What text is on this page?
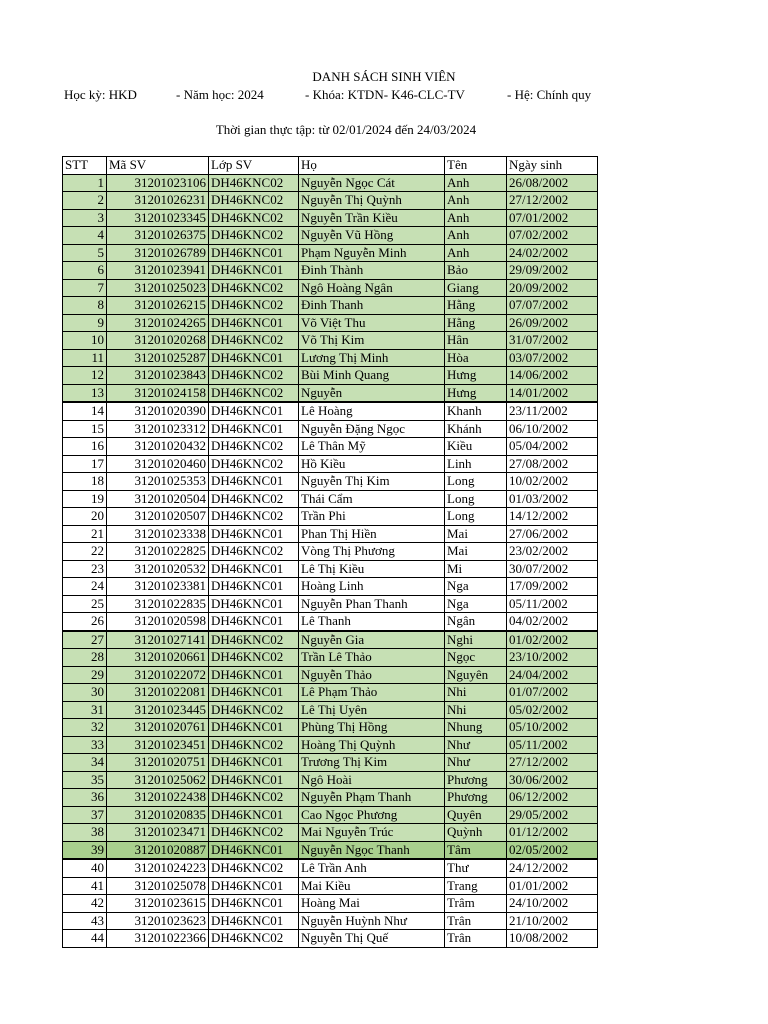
DANH SÁCH SINH VIÊN
Học kỳ: HKD	- Năm học: 2024	- Khóa: KTDN- K46-CLC-TV	- Hệ: Chính quy
Thời gian thực tập: từ 02/01/2024 đến 24/03/2024
STT	Mã SV	Lớp SV	Họ	Tên	Ngày sinh
1	31201023106	DH46KNC02	Nguyễn Ngọc Cát	Anh	26/08/2002
2	31201026231	DH46KNC02	Nguyễn Thị Quỳnh	Anh	27/12/2002
3	31201023345	DH46KNC02	Nguyễn Trần Kiều	Anh	07/01/2002
4	31201026375	DH46KNC02	Nguyễn Vũ Hồng	Anh	07/02/2002
5	31201026789	DH46KNC01	Phạm Nguyễn Minh	Anh	24/02/2002
6	31201023941	DH46KNC01	Đinh Thành	Bảo	29/09/2002
7	31201025023	DH46KNC02	Ngô Hoàng Ngân	Giang	20/09/2002
8	31201026215	DH46KNC02	Đinh Thanh	Hằng	07/07/2002
9	31201024265	DH46KNC01	Võ Việt Thu	Hằng	26/09/2002
10	31201020268	DH46KNC02	Võ Thị Kim	Hân	31/07/2002
11	31201025287	DH46KNC01	Lương Thị Minh	Hòa	03/07/2002
12	31201023843	DH46KNC02	Bùi Minh Quang	Hưng	14/06/2002
13	31201024158	DH46KNC02	Nguyễn	Hưng	14/01/2002
14	31201020390	DH46KNC01	Lê Hoàng	Khanh	23/11/2002
15	31201023312	DH46KNC01	Nguyễn Đặng Ngọc	Khánh	06/10/2002
16	31201020432	DH46KNC02	Lê Thân Mỹ	Kiều	05/04/2002
17	31201020460	DH46KNC02	Hồ Kiều	Linh	27/08/2002
18	31201025353	DH46KNC01	Nguyễn Thị Kim	Long	10/02/2002
19	31201020504	DH46KNC02	Thái Cẩm	Long	01/03/2002
20	31201020507	DH46KNC02	Trần Phi	Long	14/12/2002
21	31201023338	DH46KNC01	Phan Thị Hiền	Mai	27/06/2002
22	31201022825	DH46KNC02	Vòng Thị Phương	Mai	23/02/2002
23	31201020532	DH46KNC01	Lê Thị Kiều	Mi	30/07/2002
24	31201023381	DH46KNC01	Hoàng Linh	Nga	17/09/2002
25	31201022835	DH46KNC01	Nguyễn Phan Thanh	Nga	05/11/2002
26	31201020598	DH46KNC01	Lê Thanh	Ngân	04/02/2002
27	31201027141	DH46KNC02	Nguyễn Gia	Nghi	01/02/2002
28	31201020661	DH46KNC02	Trần Lê Thảo	Ngọc	23/10/2002
29	31201022072	DH46KNC01	Nguyễn Thảo	Nguyên	24/04/2002
30	31201022081	DH46KNC01	Lê Phạm Thảo	Nhi	01/07/2002
31	31201023445	DH46KNC02	Lê Thị Uyên	Nhi	05/02/2002
32	31201020761	DH46KNC01	Phùng Thị Hồng	Nhung	05/10/2002
33	31201023451	DH46KNC02	Hoàng Thị Quỳnh	Như	05/11/2002
34	31201020751	DH46KNC01	Trương Thị Kim	Như	27/12/2002
35	31201025062	DH46KNC01	Ngô Hoài	Phương	30/06/2002
36	31201022438	DH46KNC02	Nguyễn Phạm Thanh	Phương	06/12/2002
37	31201020835	DH46KNC01	Cao Ngọc Phương	Quyên	29/05/2002
38	31201023471	DH46KNC02	Mai Nguyễn Trúc	Quỳnh	01/12/2002
39	31201020887	DH46KNC01	Nguyễn Ngọc Thanh	Tâm	02/05/2002
40	31201024223	DH46KNC02	Lê Trần Anh	Thư	24/12/2002
41	31201025078	DH46KNC01	Mai Kiều	Trang	01/01/2002
42	31201023615	DH46KNC01	Hoàng Mai	Trâm	24/10/2002
43	31201023623	DH46KNC01	Nguyễn Huỳnh Như	Trân	21/10/2002
44	31201022366	DH46KNC02	Nguyễn Thị Quế	Trân	10/08/2002
